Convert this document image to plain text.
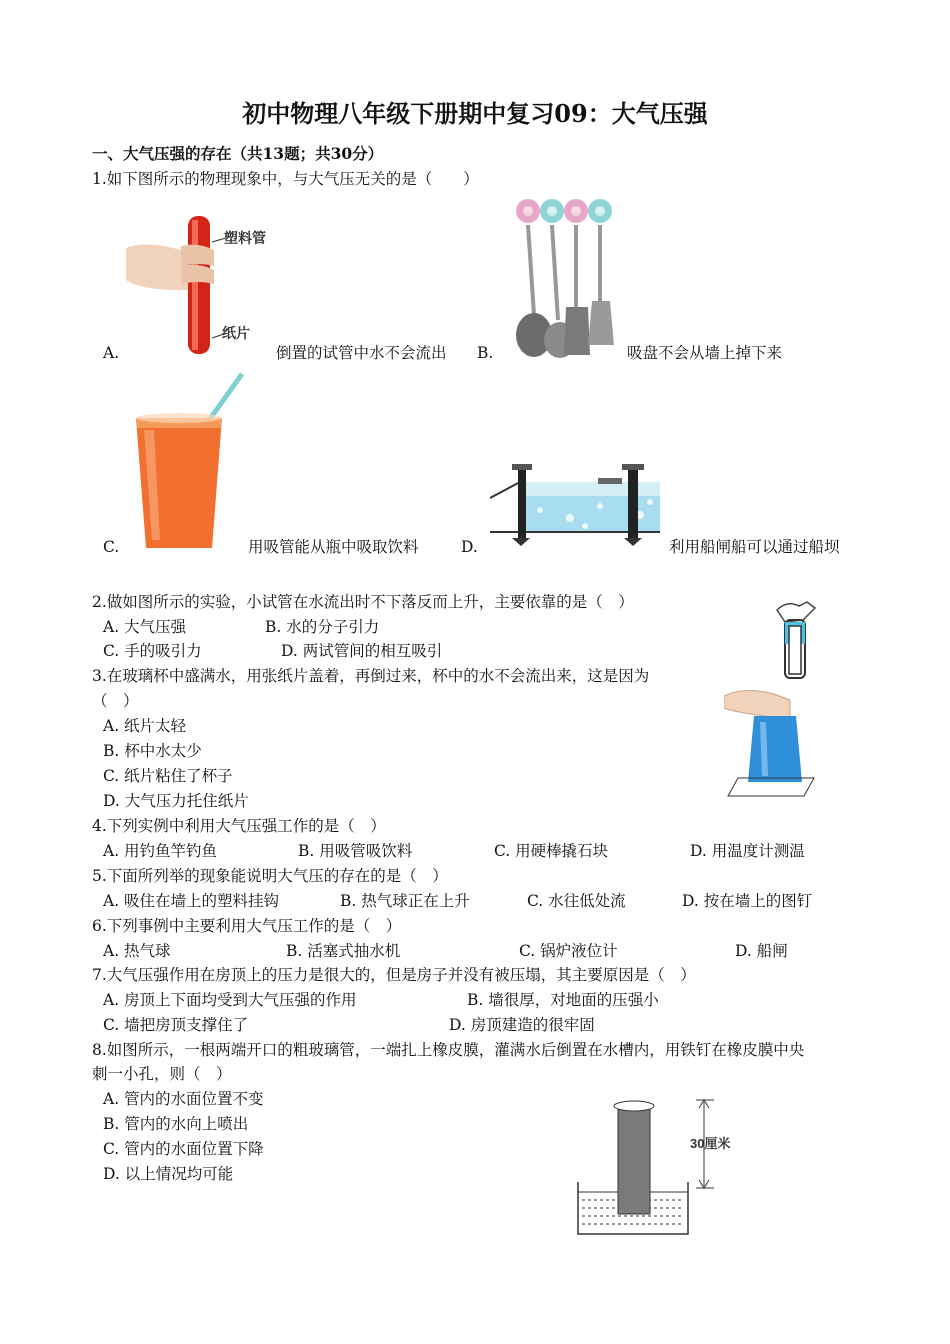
初中物理八年级下册期中复习09：大气压强
一、大气压强的存在（共13题；共30分）
1.如下图所示的物理现象中，与大气压无关的是（　　）
塑料管
纸片
A.	倒置的试管中水不会流出 B.	吸盘不会从墙上掉下来
C.	用吸管能从瓶中吸取饮料	D.	利用船闸船可以通过船坝
2.做如图所示的实验，小试管在水流出时不下落反而上升，主要依靠的是（　）
A. 大气压强	B. 水的分子引力
C. 手的吸引力	D. 两试管间的相互吸引
3.在玻璃杯中盛满水，用张纸片盖着，再倒过来，杯中的水不会流出来，这是因为
（　）
A. 纸片太轻
B. 杯中水太少
C. 纸片粘住了杯子
D. 大气压力托住纸片
4.下列实例中利用大气压强工作的是（　）
A. 用钓鱼竿钓鱼	B. 用吸管吸饮料	C. 用硬棒撬石块	D. 用温度计测温
5.下面所列举的现象能说明大气压的存在的是（　）
A. 吸住在墙上的塑料挂钩	B. 热气球正在上升	C. 水往低处流	D. 按在墙上的图钉
6.下列事例中主要利用大气压工作的是（　）
A. 热气球	B. 活塞式抽水机	C. 锅炉液位计	D. 船闸
7.大气压强作用在房顶上的压力是很大的，但是房子并没有被压塌，其主要原因是（　）
A. 房顶上下面均受到大气压强的作用	B. 墙很厚，对地面的压强小
C. 墙把房顶支撑住了	D. 房顶建造的很牢固
8.如图所示，一根两端开口的粗玻璃管，一端扎上橡皮膜，灌满水后倒置在水槽内，用铁钉在橡皮膜中央
刺一小孔，则（　）
A. 管内的水面位置不变
B. 管内的水向上喷出
C. 管内的水面位置下降
D. 以上情况均可能
30厘米
